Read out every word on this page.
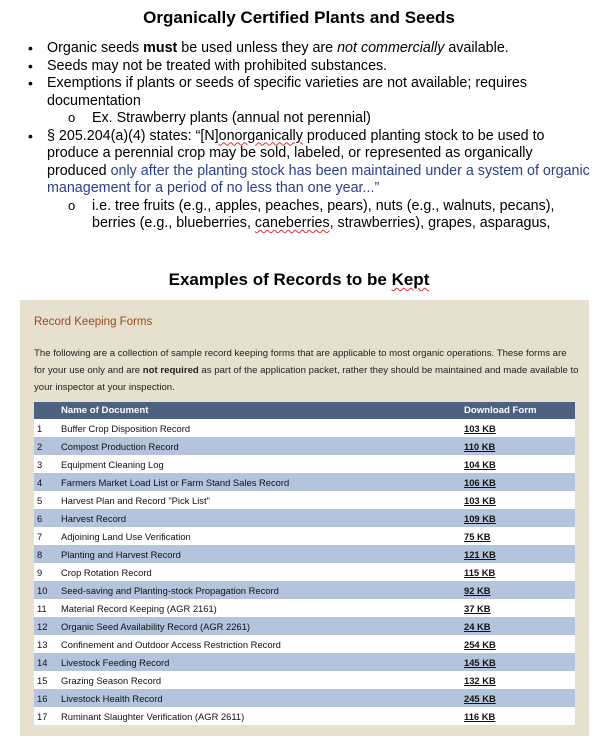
Organically Certified Plants and Seeds
• Organic seeds must be used unless they are not commercially available.
• Seeds may not be treated with prohibited substances.
• Exemptions if plants or seeds of specific varieties are not available; requires documentation
o Ex. Strawberry plants (annual not perennial)
• § 205.204(a)(4) states: “[N]onorganically produced planting stock to be used to produce a perennial crop may be sold, labeled, or represented as organically produced only after the planting stock has been maintained under a system of organic management for a period of no less than one year...”
o i.e. tree fruits (e.g., apples, peaches, pears), nuts (e.g., walnuts, pecans), berries (e.g., blueberries, caneberries, strawberries), grapes, asparagus,
Examples of Records to be Kept
Record Keeping Forms
The following are a collection of sample record keeping forms that are applicable to most organic operations. These forms are for your use only and are not required as part of the application packet, rather they should be maintained and made available to your inspector at your inspection.
	Name of Document	Download Form
1	Buffer Crop Disposition Record	103 KB
2	Compost Production Record	110 KB
3	Equipment Cleaning Log	104 KB
4	Farmers Market Load List or Farm Stand Sales Record	106 KB
5	Harvest Plan and Record "Pick List"	103 KB
6	Harvest Record	109 KB
7	Adjoining Land Use Verification	75 KB
8	Planting and Harvest Record	121 KB
9	Crop Rotation Record	115 KB
10	Seed-saving and Planting-stock Propagation Record	92 KB
11	Material Record Keeping (AGR 2161)	37 KB
12	Organic Seed Availability Record (AGR 2261)	24 KB
13	Confinement and Outdoor Access Restriction Record	254 KB
14	Livestock Feeding Record	145 KB
15	Grazing Season Record	132 KB
16	Livestock Health Record	245 KB
17	Ruminant Slaughter Verification (AGR 2611)	116 KB
